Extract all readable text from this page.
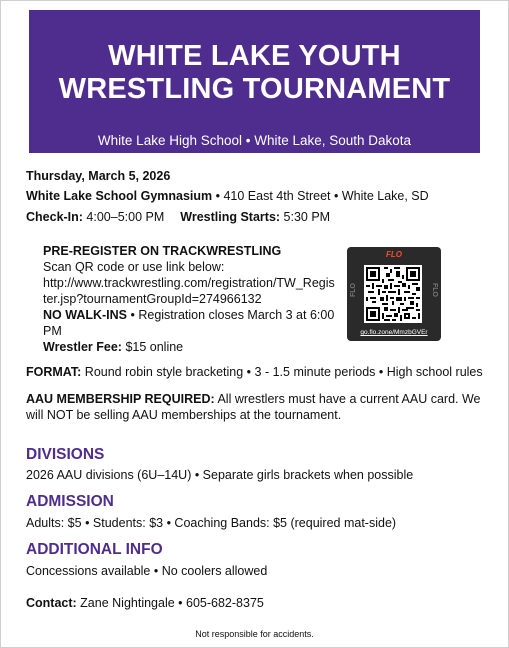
WHITE LAKE YOUTH
WRESTLING TOURNAMENT
White Lake High School • White Lake, South Dakota
Thursday, March 5, 2026
White Lake School Gymnasium • 410 East 4th Street • White Lake, SD
Check-In: 4:00–5:00 PM Wrestling Starts: 5:30 PM
PRE-REGISTER ON TRACKWRESTLING
Scan QR code or use link below:
http://www.trackwrestling.com/registration/TW_Register.jsp?tournamentGroupId=274966132
NO WALK-INS • Registration closes March 3 at 6:00 PM
Wrestler Fee: $15 online
FLO
FLO	FLO
go.flo.zone/MmzbGVEr
FORMAT: Round robin style bracketing • 3 - 1.5 minute periods • High school rules
AAU MEMBERSHIP REQUIRED: All wrestlers must have a current AAU card. We will NOT be selling AAU memberships at the tournament.
DIVISIONS
2026 AAU divisions (6U–14U) • Separate girls brackets when possible
ADMISSION
Adults: $5 • Students: $3 • Coaching Bands: $5 (required mat-side)
ADDITIONAL INFO
Concessions available • No coolers allowed
Contact: Zane Nightingale • 605-682-8375
Not responsible for accidents.
